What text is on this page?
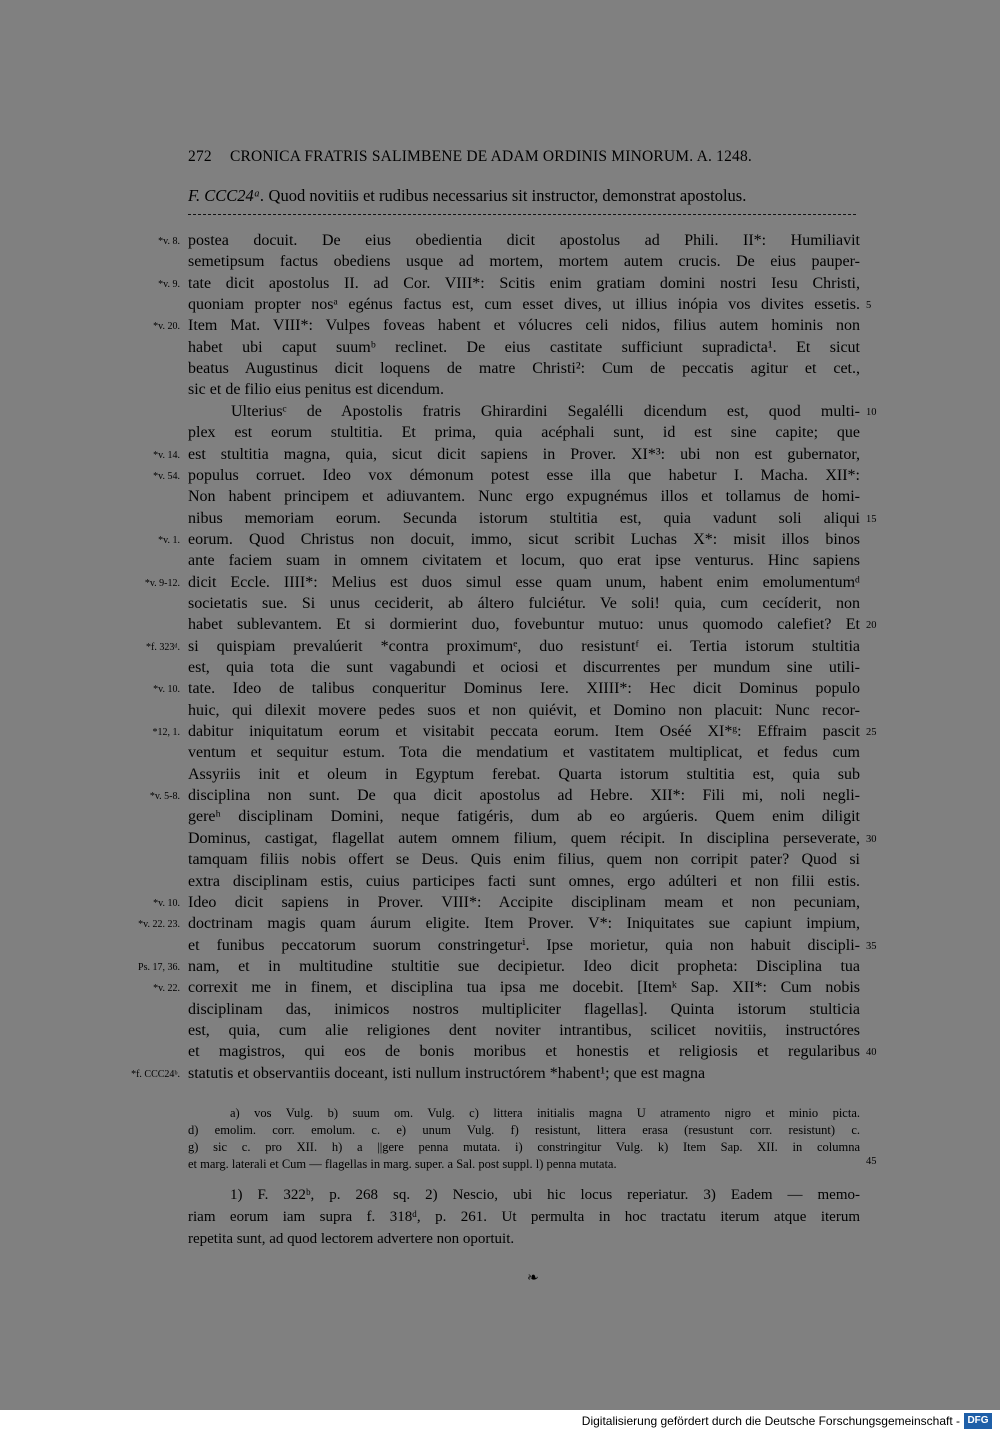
272 CRONICA FRATRIS SALIMBENE DE ADAM ORDINIS MINORUM. A. 1248.
F. CCC24ᵃ. Quod novitiis et rudibus necessarius sit instructor, demonstrat apostolus.
postea docuit. De eius obedientia dicit apostolus ad Phili. II*: Humiliavit
*v. 8.
semetipsum factus obediens usque ad mortem, mortem autem crucis. De eius pauper-
tate dicit apostolus II. ad Cor. VIII*: Scitis enim gratiam domini nostri Iesu Christi,
*v. 9.
quoniam propter nosᵃ egénus factus est, cum esset dives, ut illius inópia vos divites essetis. 5
Item Mat. VIII*: Vulpes foveas habent et vólucres celi nidos, filius autem hominis non
*v. 20.
habet ubi caput suumᵇ reclinet. De eius castitate sufficiunt supradicta¹. Et sicut
beatus Augustinus dicit loquens de matre Christi²: Cum de peccatis agitur et cet.,
sic et de filio eius penitus est dicendum.
Ulteriusᶜ de Apostolis fratris Ghirardini Segalélli dicendum est, quod multi- 10
plex est eorum stultitia. Et prima, quia acéphali sunt, id est sine capite; que
est stultitia magna, quia, sicut dicit sapiens in Prover. XI*³: ubi non est gubernator,
*v. 14.
populus corruet. Ideo vox démonum potest esse illa que habetur I. Macha. XII*:
*v. 54.
Non habent principem et adiuvantem. Nunc ergo expugnémus illos et tollamus de homi-
nibus memoriam eorum. Secunda istorum stultitia est, quia vadunt soli aliqui 15
eorum. Quod Christus non docuit, immo, sicut scribit Luchas X*: misit illos binos
*v. 1.
ante faciem suam in omnem civitatem et locum, quo erat ipse venturus. Hinc sapiens
dicit Eccle. IIII*: Melius est duos simul esse quam unum, habent enim emolumentumᵈ
*v. 9-12.
societatis sue. Si unus ceciderit, ab áltero fulciétur. Ve soli! quia, cum cecíderit, non
habet sublevantem. Et si dormierint duo, fovebuntur mutuo: unus quomodo calefiet? Et 20
si quispiam prevalúerit *contra proximumᵉ, duo resistuntᶠ ei. Tertia istorum stultitia
*f. 323ᵈ.
est, quia tota die sunt vagabundi et ociosi et discurrentes per mundum sine utili-
tate. Ideo de talibus conqueritur Dominus Iere. XIIII*: Hec dicit Dominus populo
*v. 10.
huic, qui dilexit movere pedes suos et non quiévit, et Domino non placuit: Nunc recor-
dabitur iniquitatum eorum et visitabit peccata eorum. Item Oséé XI*ᵍ: Effraim pascit
*12, 1.	25
ventum et sequitur estum. Tota die mendatium et vastitatem multiplicat, et fedus cum
Assyriis init et oleum in Egyptum ferebat. Quarta istorum stultitia est, quia sub
disciplina non sunt. De qua dicit apostolus ad Hebre. XII*: Fili mi, noli negli-
*v. 5-8.
gereʰ disciplinam Domini, neque fatigéris, dum ab eo argúeris. Quem enim diligit
Dominus, castigat, flagellat autem omnem filium, quem récipit. In disciplina perseverate, 30
tamquam filiis nobis offert se Deus. Quis enim filius, quem non corripit pater? Quod si
extra disciplinam estis, cuius participes facti sunt omnes, ergo adúlteri et non filii estis.
Ideo dicit sapiens in Prover. VIII*: Accipite disciplinam meam et non pecuniam,
*v. 10.
doctrinam magis quam áurum eligite. Item Prover. V*: Iniquitates sue capiunt impium,
*v. 22. 23.
et funibus peccatorum suorum constringeturⁱ. Ipse morietur, quia non habuit discipli- 35
nam, et in multitudine stultitie sue decipietur. Ideo dicit propheta: Disciplina tua
Ps. 17, 36.
correxit me in finem, et disciplina tua ipsa me docebit. [Itemᵏ Sap. XII*: Cum nobis
*v. 22.
disciplinam das, inimicos nostros multipliciter flagellas]. Quinta istorum stulticia
est, quia, cum alie religiones dent noviter intrantibus, scilicet novitiis, instructóres
et magistros, qui eos de bonis moribus et honestis et religiosis et regularibus 40
statutis et observantiis doceant, isti nullum instructórem *habent¹; que est magna
*f. CCC24ᵇ.
a) vos Vulg. b) suum om. Vulg. c) littera initialis magna U atramento nigro et minio picta.
d) emolim. corr. emolum. c. e) unum Vulg. f) resistunt, littera erasa (resustunt corr. resistunt) c.
g) sic c. pro XII. h) a ||gere penna mutata. i) constringitur Vulg. k) Item Sap. XII. in columna
et marg. laterali et Cum — flagellas in marg. super. a Sal. post suppl. l) penna mutata.	45
1) F. 322ᵇ, p. 268 sq. 2) Nescio, ubi hic locus reperiatur. 3) Eadem — memo-
riam eorum iam supra f. 318ᵈ, p. 261. Ut permulta in hoc tractatu iterum atque iterum
repetita sunt, ad quod lectorem advertere non oportuit.
❧
Digitalisierung gefördert durch die Deutsche Forschungsgemeinschaft - DFG
